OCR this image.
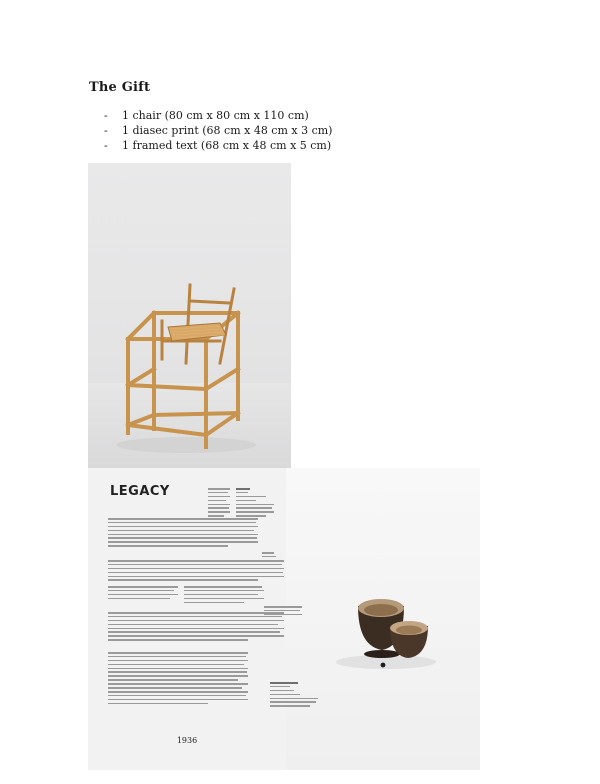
The Gift
-	1 chair (80 cm x 80 cm x 110 cm)
-	1 diasec print (68 cm x 48 cm x 3 cm)
-	1 framed text (68 cm x 48 cm x 5 cm)
LEGACY
1936
